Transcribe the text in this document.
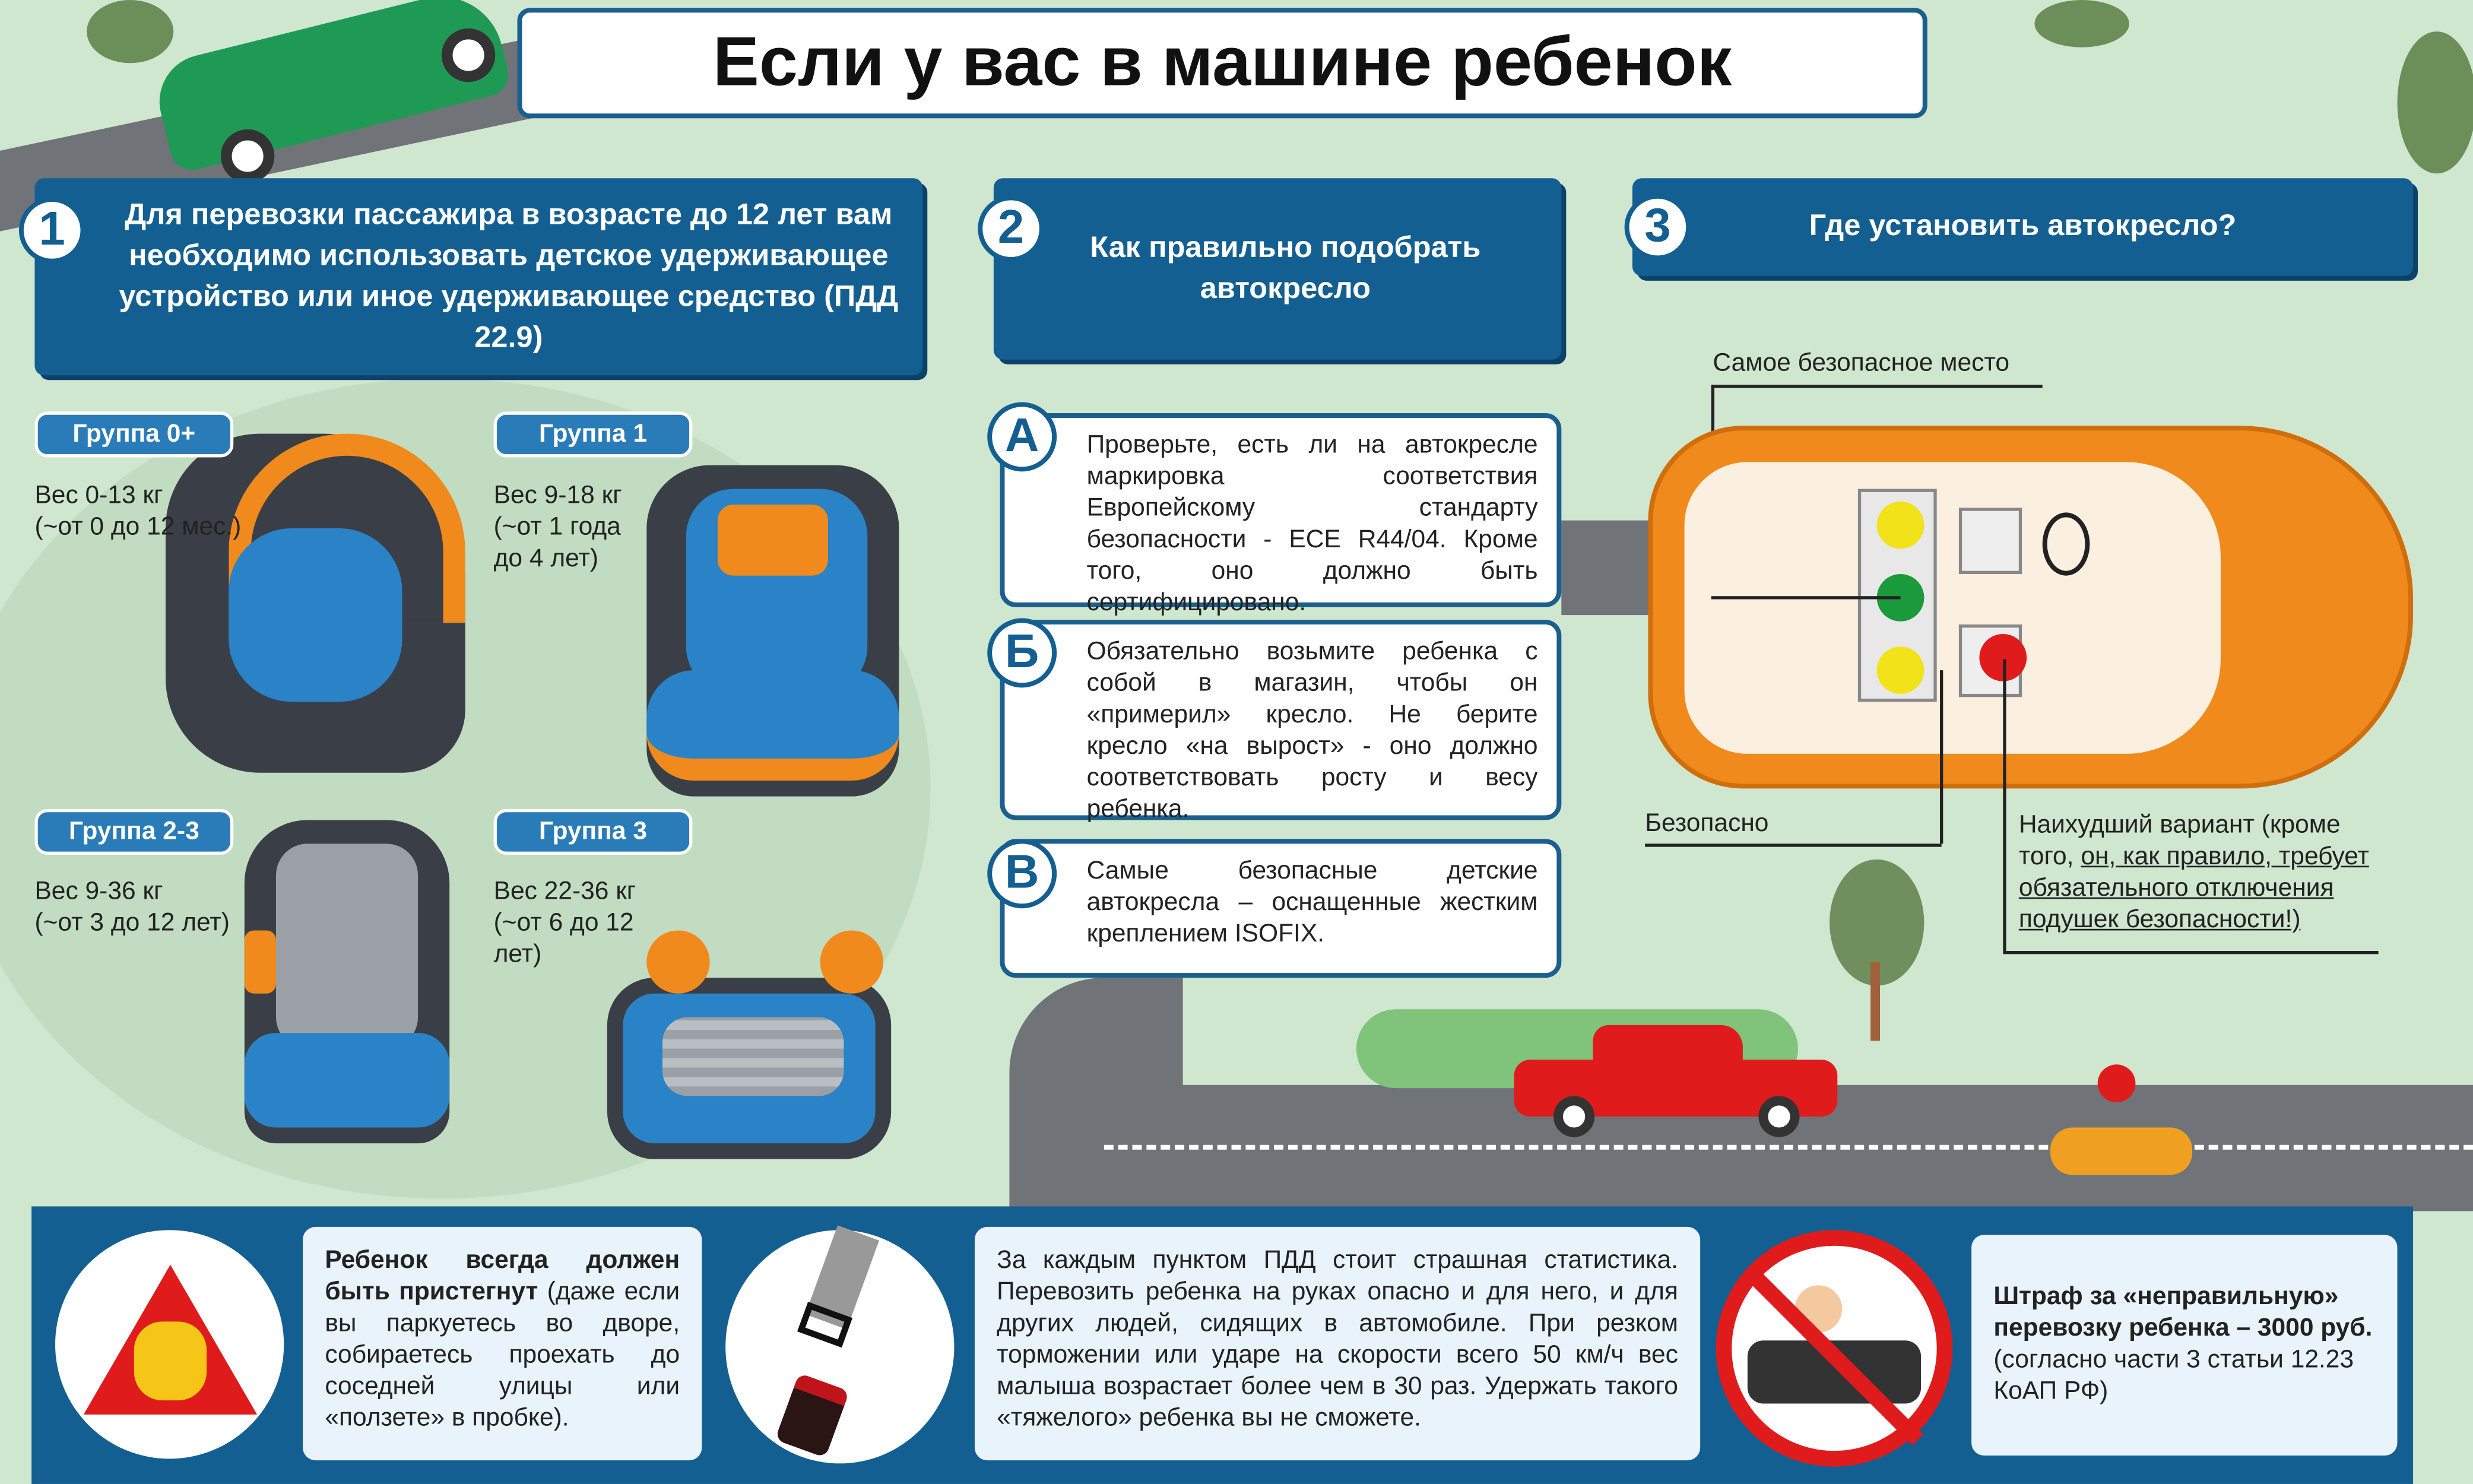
Если у вас в машине ребенок
Для перевозки пассажира в возрасте до 12 лет вам необходимо использовать детское удерживающее устройство или иное удерживающее средство (ПДД 22.9)
1	Как правильно подобрать автокресло
2	Где установить автокресло?
3
Группа 0+
Вес 0-13 кг
(~от 0 до 12 мес.)
Группа 1
Вес 9-18 кг
(~от 1 года до 4 лет)
Группа 2-3
Вес 9-36 кг
(~от 3 до 12 лет)
Группа 3
Вес 22-36 кг
(~от 6 до 12 лет)
Проверьте, есть ли на автокресле маркировка соответствия Европейскому стандарту безопасности - ECE R44/04. Кроме того, оно должно быть сертифицировано.
А
Обязательно возьмите ребенка с собой в магазин, чтобы он «примерил» кресло. Не берите кресло «на вырост» - оно должно соответствовать росту и весу ребенка.
Б
Самые безопасные детские автокресла – оснащенные жестким креплением ISOFIX.
В
Самое безопасное место
Безопасно	Наихудший вариант (кроме того, он, как правило, требует обязательного отключения подушек безопасности!)
Ребенок всегда должен быть пристегнут (даже если вы паркуетесь во дворе, собираетесь проехать до соседней улицы или «ползете» в пробке).
За каждым пунктом ПДД стоит страшная статистика. Перевозить ребенка на руках опасно и для него, и для других людей, сидящих в автомобиле. При резком торможении или ударе на скорости всего 50 км/ч вес малыша возрастает более чем в 30 раз. Удержать такого «тяжелого» ребенка вы не сможете.
Штраф за «неправильную» перевозку ребенка – 3000 руб. (согласно части 3 статьи 12.23 КоАП РФ)
